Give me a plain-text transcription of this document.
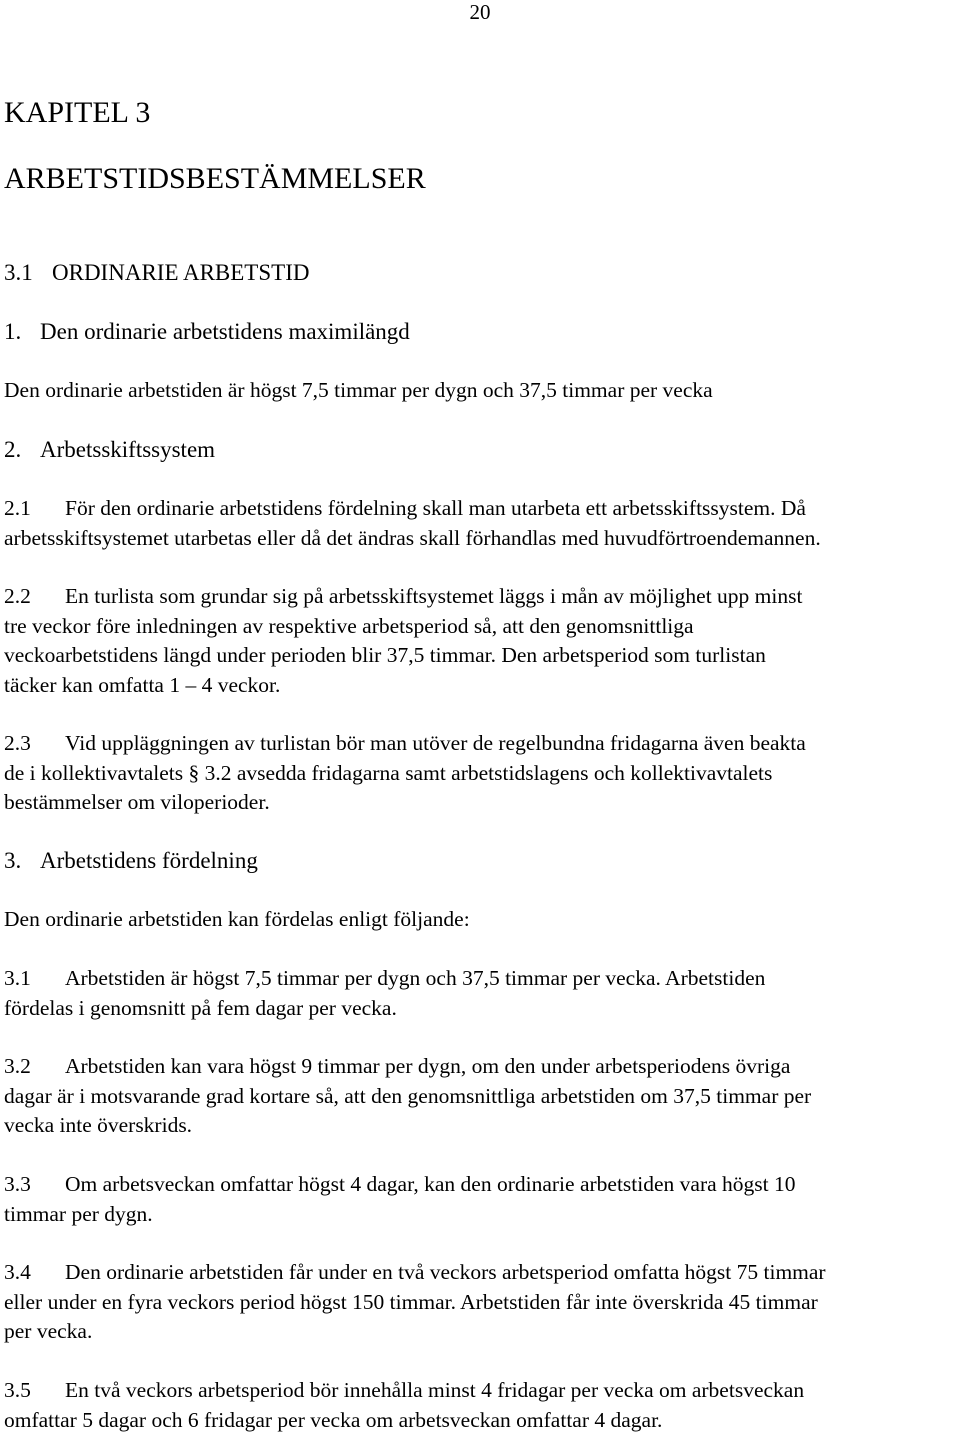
20
KAPITEL 3
ARBETSTIDSBESTÄMMELSER
3.1 ORDINARIE ARBETSTID
1. Den ordinarie arbetstidens maximilängd
Den ordinarie arbetstiden är högst 7,5 timmar per dygn och 37,5 timmar per vecka
2. Arbetsskiftssystem
2.1 För den ordinarie arbetstidens fördelning skall man utarbeta ett arbetsskiftssystem. Då
arbetsskiftsystemet utarbetas eller då det ändras skall förhandlas med huvudförtroendemannen.
2.2 En turlista som grundar sig på arbetsskiftsystemet läggs i mån av möjlighet upp minst
tre veckor före inledningen av respektive arbetsperiod så, att den genomsnittliga
veckoarbetstidens längd under perioden blir 37,5 timmar. Den arbetsperiod som turlistan
täcker kan omfatta 1 – 4 veckor.
2.3 Vid uppläggningen av turlistan bör man utöver de regelbundna fridagarna även beakta
de i kollektivavtalets § 3.2 avsedda fridagarna samt arbetstidslagens och kollektivavtalets
bestämmelser om viloperioder.
3. Arbetstidens fördelning
Den ordinarie arbetstiden kan fördelas enligt följande:
3.1 Arbetstiden är högst 7,5 timmar per dygn och 37,5 timmar per vecka. Arbetstiden
fördelas i genomsnitt på fem dagar per vecka.
3.2 Arbetstiden kan vara högst 9 timmar per dygn, om den under arbetsperiodens övriga
dagar är i motsvarande grad kortare så, att den genomsnittliga arbetstiden om 37,5 timmar per
vecka inte överskrids.
3.3 Om arbetsveckan omfattar högst 4 dagar, kan den ordinarie arbetstiden vara högst 10
timmar per dygn.
3.4 Den ordinarie arbetstiden får under en två veckors arbetsperiod omfatta högst 75 timmar
eller under en fyra veckors period högst 150 timmar. Arbetstiden får inte överskrida 45 timmar
per vecka.
3.5 En två veckors arbetsperiod bör innehålla minst 4 fridagar per vecka om arbetsveckan
omfattar 5 dagar och 6 fridagar per vecka om arbetsveckan omfattar 4 dagar.
